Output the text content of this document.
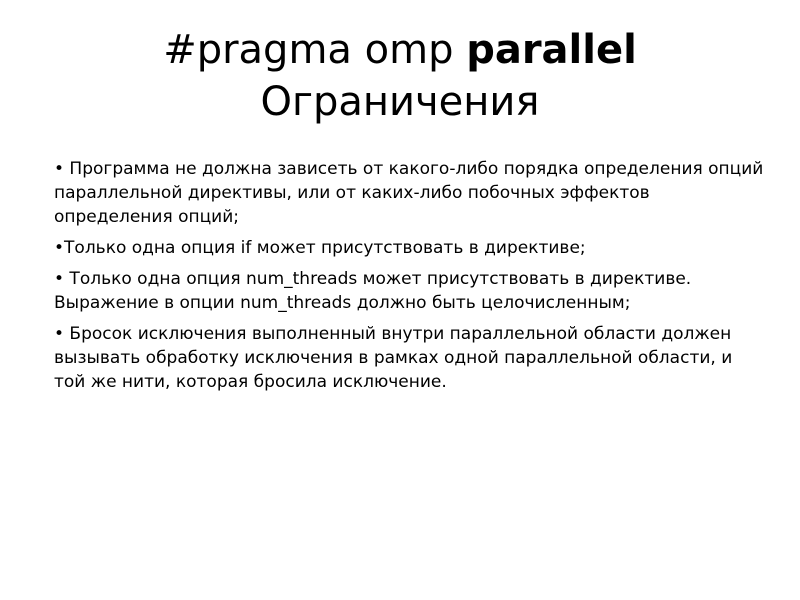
#pragma omp parallel
Ограничения
• Программа не должна зависеть от какого-либо порядка определения опций параллельной директивы, или от каких-либо побочных эффектов определения опций;
•Только одна опция if может присутствовать в директиве;
• Только одна опция num_threads может присутствовать в директиве. Выражение в опции num_threads должно быть целочисленным;
• Бросок исключения выполненный внутри параллельной области должен вызывать обработку исключения в рамках одной параллельной области, и той же нити, которая бросила исключение.
